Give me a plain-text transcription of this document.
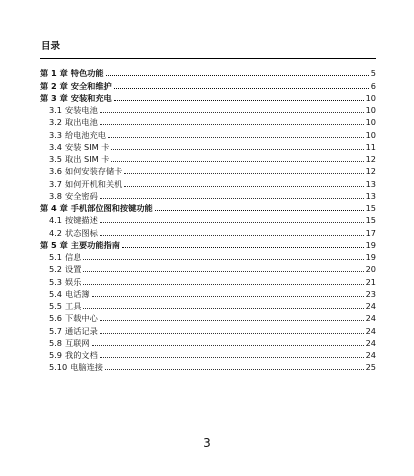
目录
第 1 章 特色功能	5
第 2 章 安全和维护	6
第 3 章 安装和充电	10
3.1 安装电池	10
3.2 取出电池	10
3.3 给电池充电	10
3.4 安装 SIM 卡	11
3.5 取出 SIM 卡	12
3.6 如何安装存储卡	12
3.7 如何开机和关机	13
3.8 安全密码	13
第 4 章 手机部位图和按键功能	15
4.1 按键描述	15
4.2 状态图标	17
第 5 章 主要功能指南	19
5.1 信息	19
5.2 设置	20
5.3 娱乐	21
5.4 电话簿	23
5.5 工具	24
5.6 下载中心	24
5.7 通话记录	24
5.8 互联网	24
5.9 我的文档	24
5.10 电脑连接	25
3
